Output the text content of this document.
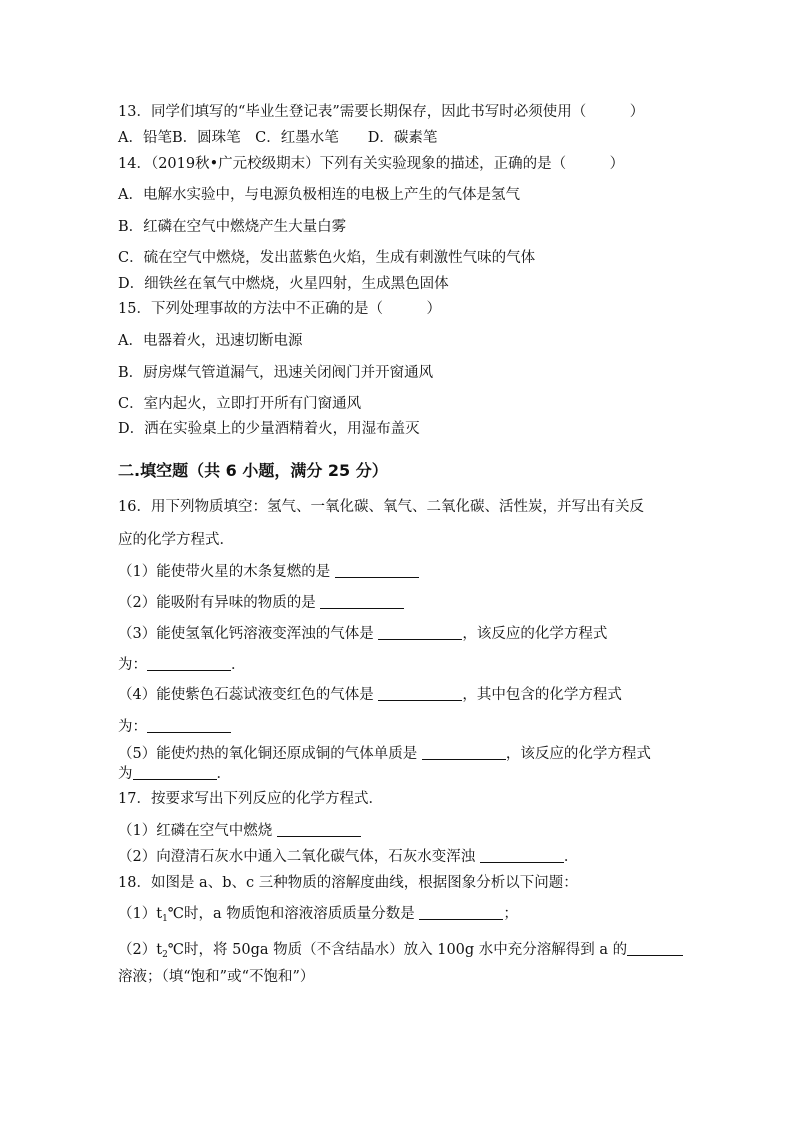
13．同学们填写的“毕业生登记表”需要长期保存，因此书写时必须使用（　　　）
A．铅笔B．圆珠笔　C．红墨水笔　　D．碳素笔
14．（2019秋•广元校级期末）下列有关实验现象的描述，正确的是（　　　）
A．电解水实验中，与电源负极相连的电极上产生的气体是氢气
B．红磷在空气中燃烧产生大量白雾
C．硫在空气中燃烧，发出蓝紫色火焰，生成有刺激性气味的气体
D．细铁丝在氧气中燃烧，火星四射，生成黑色固体
15．下列处理事故的方法中不正确的是（　　　）
A．电器着火，迅速切断电源
B．厨房煤气管道漏气，迅速关闭阀门并开窗通风
C．室内起火，立即打开所有门窗通风
D．洒在实验桌上的少量酒精着火，用湿布盖灭
二.填空题（共 6 小题，满分 25 分）
16．用下列物质填空：氢气、一氧化碳、氧气、二氧化碳、活性炭，并写出有关反
应的化学方程式．
（1）能使带火星的木条复燃的是
（2）能吸附有异味的物质的是
（3）能使氢氧化钙溶液变浑浊的气体是	，该反应的化学方程式
为：	．
（4）能使紫色石蕊试液变红色的气体是	，其中包含的化学方程式
为：
（5）能使灼热的氧化铜还原成铜的气体单质是	，该反应的化学方程式
为	．
17．按要求写出下列反应的化学方程式．
（1）红磷在空气中燃烧
（2）向澄清石灰水中通入二氧化碳气体，石灰水变浑浊	．
18．如图是 a、b、c 三种物质的溶解度曲线，根据图象分析以下问题：
$(1)t_1℃$时，a 物质饱和溶液溶质质量分数是	；
$(2)t_2℃$时，将 50ga 物质（不含结晶水）放入 100g 水中充分溶解得到 a 的
溶液；（填“饱和”或“不饱和”）
